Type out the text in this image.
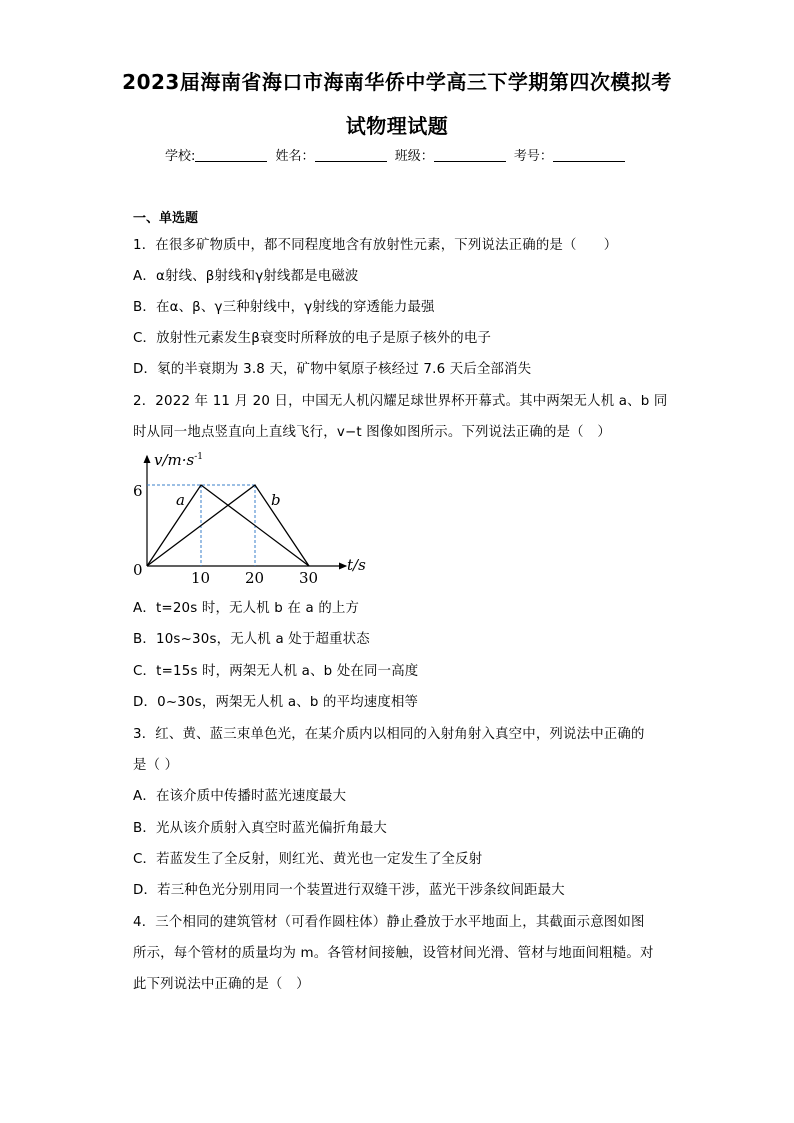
2023届海南省海口市海南华侨中学高三下学期第四次模拟考
试物理试题
学校:	姓名：	班级：	考号：
一、单选题
1．在很多矿物质中，都不同程度地含有放射性元素，下列说法正确的是（　　）
A．α射线、β射线和γ射线都是电磁波
B．在α、β、γ三种射线中，γ射线的穿透能力最强
C．放射性元素发生β衰变时所释放的电子是原子核外的电子
D．氡的半衰期为 3.8 天，矿物中氡原子核经过 7.6 天后全部消失
2．2022 年 11 月 20 日，中国无人机闪耀足球世界杯开幕式。其中两架无人机 a、b 同
时从同一地点竖直向上直线飞行，v−t 图像如图所示。下列说法正确的是（　）
$v/m\cdot s^{-1}$
t/s
0
6
10 20 30
a	b
A．t=20s 时，无人机 b 在 a 的上方
B．10s~30s，无人机 a 处于超重状态
C．t=15s 时，两架无人机 a、b 处在同一高度
D．0~30s，两架无人机 a、b 的平均速度相等
3．红、黄、蓝三束单色光，在某介质内以相同的入射角射入真空中，列说法中正确的
是（ ）
A．在该介质中传播时蓝光速度最大
B．光从该介质射入真空时蓝光偏折角最大
C．若蓝发生了全反射，则红光、黄光也一定发生了全反射
D．若三种色光分别用同一个装置进行双缝干涉，蓝光干涉条纹间距最大
4．三个相同的建筑管材（可看作圆柱体）静止叠放于水平地面上，其截面示意图如图
所示，每个管材的质量均为 m。各管材间接触，设管材间光滑、管材与地面间粗糙。对
此下列说法中正确的是（　）
